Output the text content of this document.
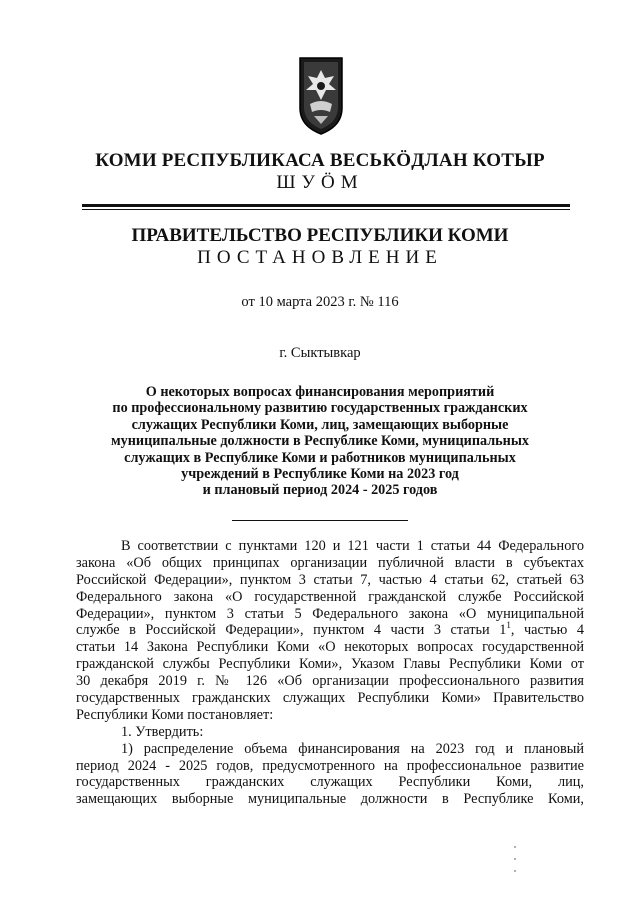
КОМИ РЕСПУБЛИКАСА ВЕСЬКӦДЛАН КОТЫР
ШУӦМ
ПРАВИТЕЛЬСТВО РЕСПУБЛИКИ КОМИ
ПОСТАНОВЛЕНИЕ
от 10 марта 2023 г. № 116
г. Сыктывкар
О некоторых вопросах финансирования мероприятий
по профессиональному развитию государственных гражданских
служащих Республики Коми, лиц, замещающих выборные
муниципальные должности в Республике Коми, муниципальных
служащих в Республике Коми и работников муниципальных
учреждений в Республике Коми на 2023 год
и плановый период 2024 - 2025 годов
В соответствии с пунктами 120 и 121 части 1 статьи 44 Федерального
закона «Об общих принципах организации публичной власти в субъектах
Российской Федерации», пунктом 3 статьи 7, частью 4 статьи 62, статьей 63
Федерального закона «О государственной гражданской службе Российской
Федерации», пунктом 3 статьи 5 Федерального закона «О муниципальной
службе в Российской Федерации», пунктом 4 части 3 статьи $1^1$, частью 4
статьи 14 Закона Республики Коми «О некоторых вопросах государственной
гражданской службы Республики Коми», Указом Главы Республики Коми от
30 декабря 2019 г. № 126 «Об организации профессионального развития
государственных гражданских служащих Республики Коми» Правительство
Республики Коми постановляет:
1. Утвердить:
1) распределение объема финансирования на 2023 год и плановый
период 2024 - 2025 годов, предусмотренного на профессиональное развитие
государственных гражданских служащих Республики Коми, лиц,
замещающих выборные муниципальные должности в Республике Коми,
